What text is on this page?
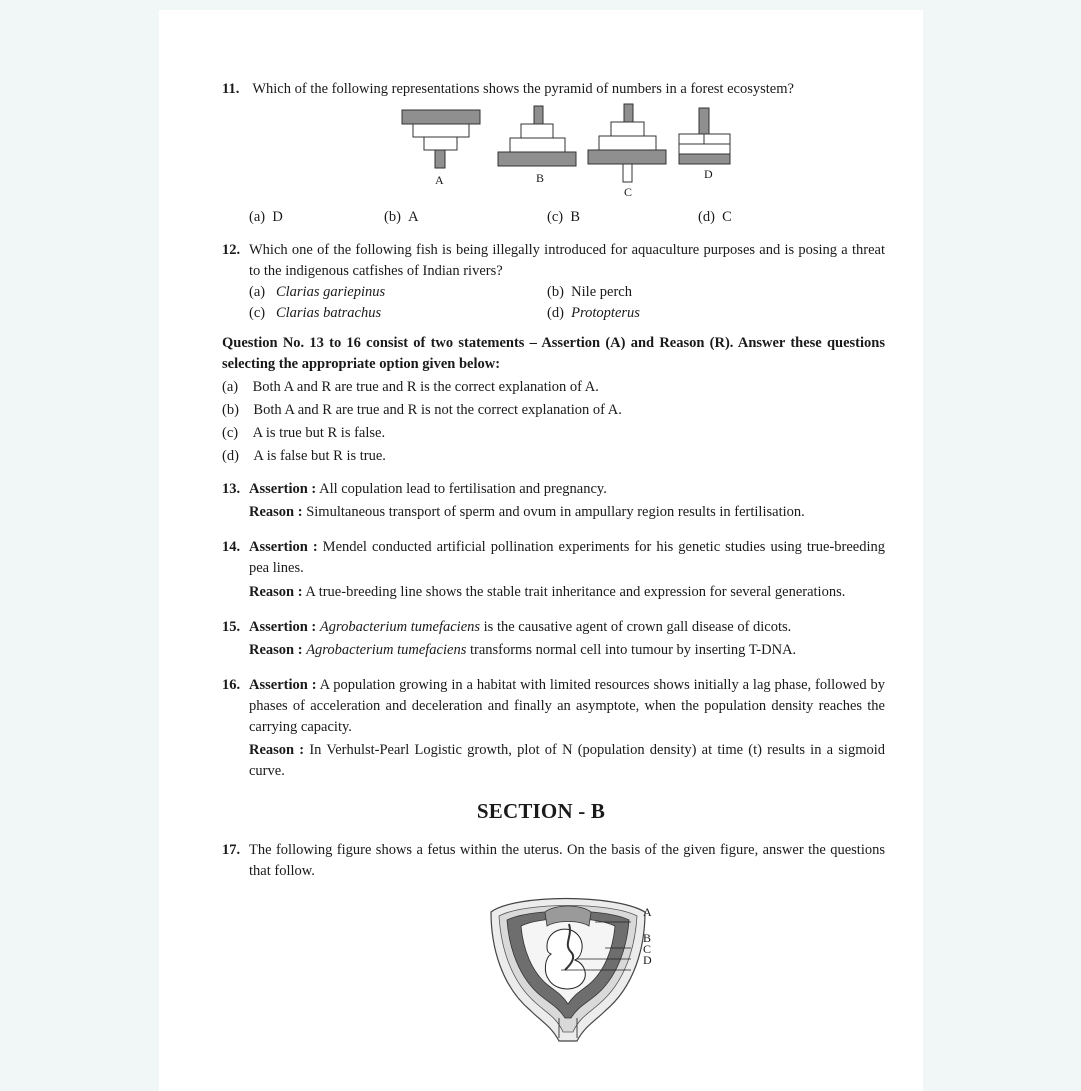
11. Which of the following representations shows the pyramid of numbers in a forest ecosystem?
A	B
C
D
(a) D	(b) A	(c) B	(d) C
12. Which one of the following fish is being illegally introduced for aquaculture purposes and is posing a threat to the indigenous catfishes of Indian rivers?
(a) Clarias gariepinus	(b) Nile perch
(c) Clarias batrachus	(d) Protopterus
Question No. 13 to 16 consist of two statements – Assertion (A) and Reason (R). Answer these questions selecting the appropriate option given below:
(a) Both A and R are true and R is the correct explanation of A.
(b) Both A and R are true and R is not the correct explanation of A.
(c) A is true but R is false.
(d) A is false but R is true.
13. Assertion : All copulation lead to fertilisation and pregnancy.
Reason : Simultaneous transport of sperm and ovum in ampullary region results in fertilisation.
14. Assertion : Mendel conducted artificial pollination experiments for his genetic studies using true-breeding pea lines.
Reason : A true-breeding line shows the stable trait inheritance and expression for several generations.
15. Assertion : Agrobacterium tumefaciens is the causative agent of crown gall disease of dicots.
Reason : Agrobacterium tumefaciens transforms normal cell into tumour by inserting T-DNA.
16. Assertion : A population growing in a habitat with limited resources shows initially a lag phase, followed by phases of acceleration and deceleration and finally an asymptote, when the population density reaches the carrying capacity.
Reason : In Verhulst-Pearl Logistic growth, plot of N (population density) at time (t) results in a sigmoid curve.
SECTION - B
17. The following figure shows a fetus within the uterus. On the basis of the given figure, answer the questions that follow.
A
B
C
D
